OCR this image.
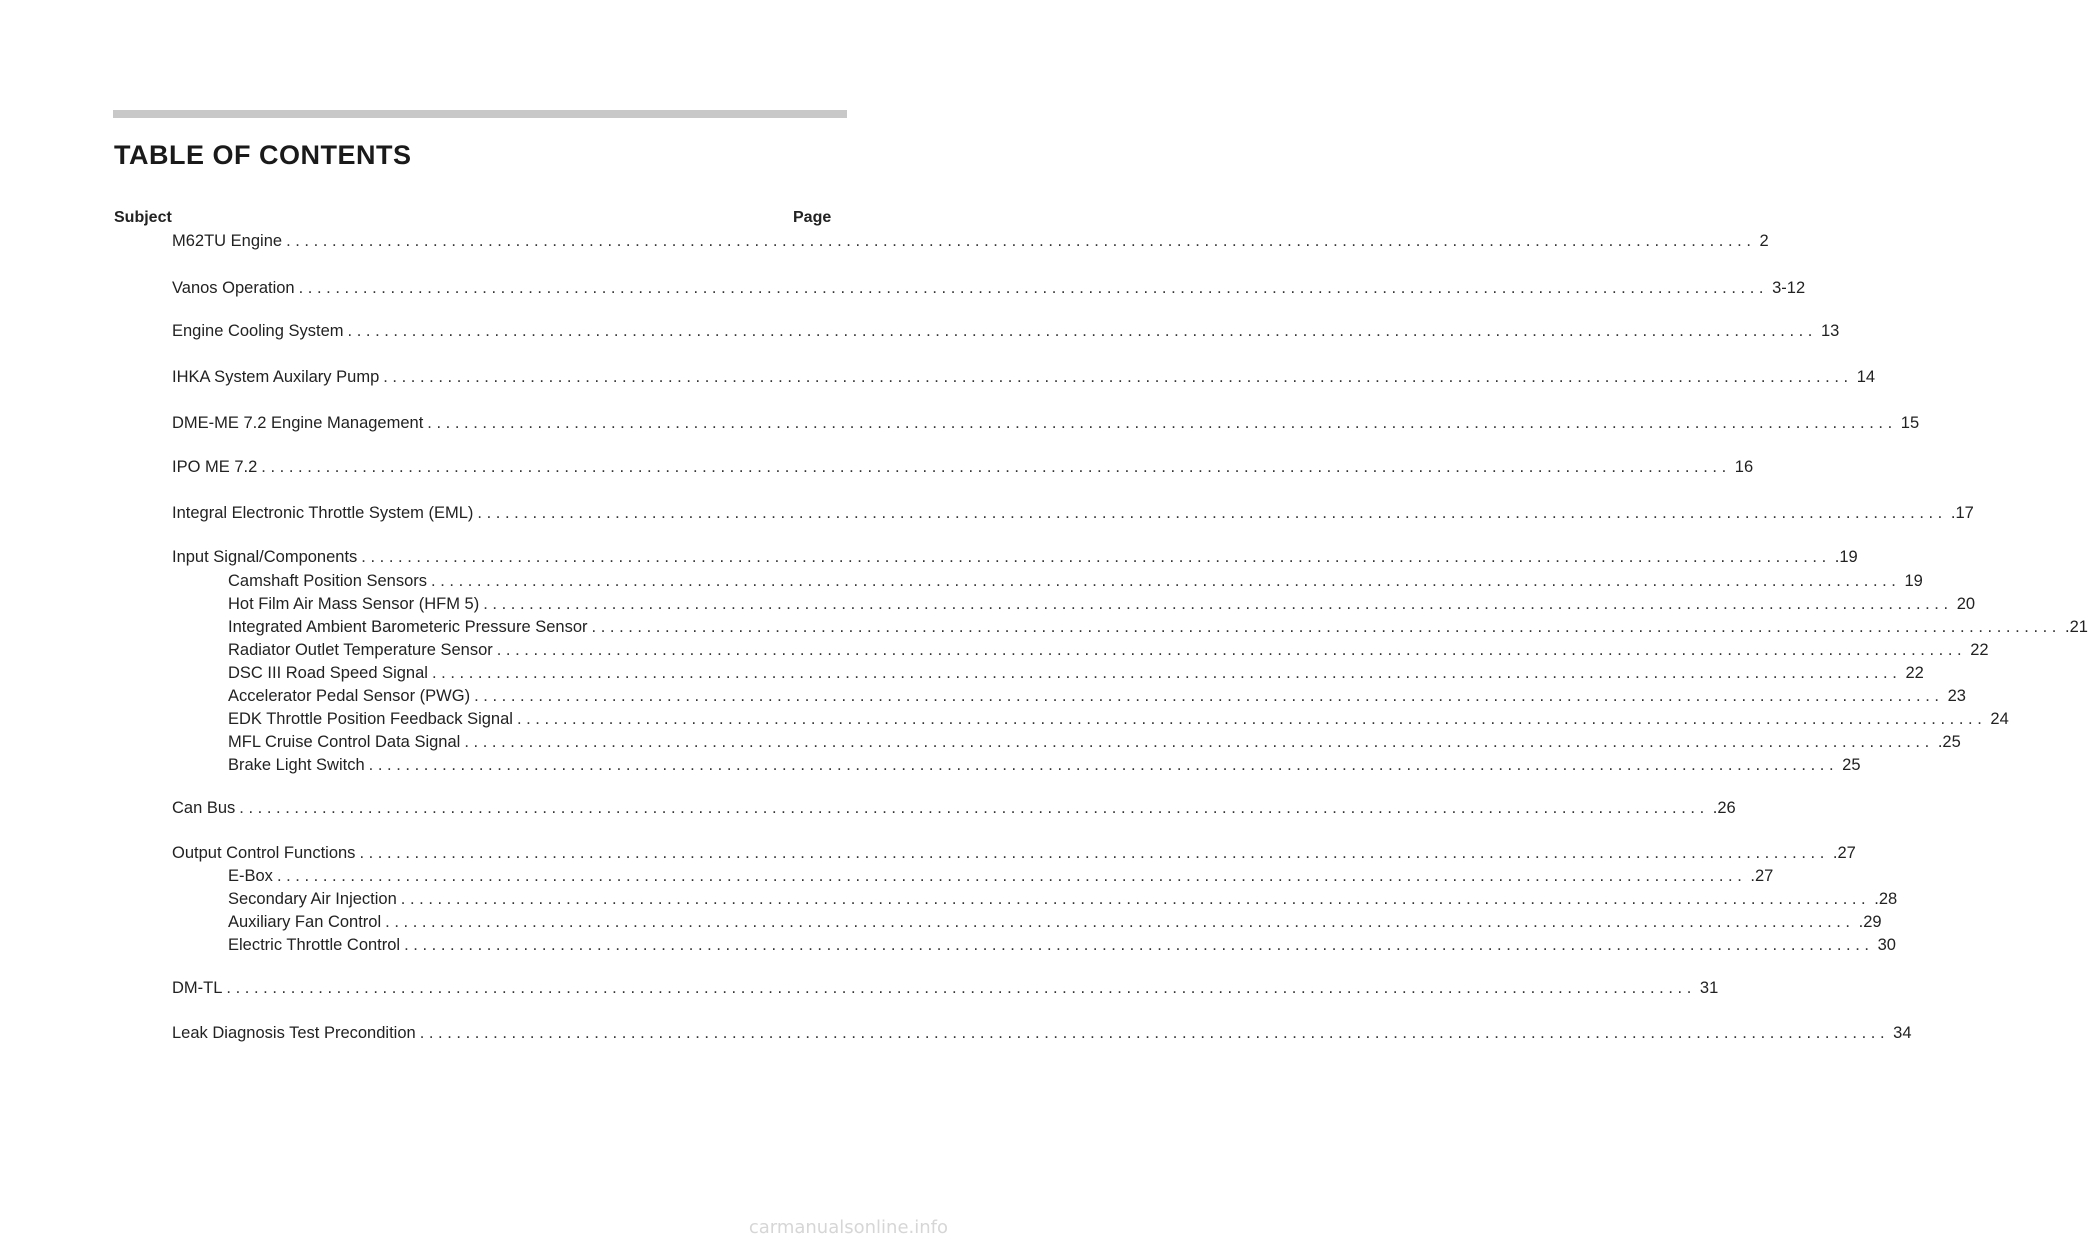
TABLE OF CONTENTS
Subject	Page
M62TU Engine ................................................................................................................................................................ 2
Vanos Operation ................................................................................................................................................................ 3-12
Engine Cooling System ................................................................................................................................................................ 13
IHKA System Auxilary Pump ................................................................................................................................................................ 14
DME-ME 7.2 Engine Management ................................................................................................................................................................ 15
IPO ME 7.2 ................................................................................................................................................................ 16
Integral Electronic Throttle System (EML) ................................................................................................................................................................ .17
Input Signal/Components ................................................................................................................................................................ .19
Camshaft Position Sensors ................................................................................................................................................................ 19
Hot Film Air Mass Sensor (HFM 5) ................................................................................................................................................................ 20
Integrated Ambient Barometeric Pressure Sensor ................................................................................................................................................................ .21
Radiator Outlet Temperature Sensor ................................................................................................................................................................ 22
DSC III Road Speed Signal ................................................................................................................................................................ 22
Accelerator Pedal Sensor (PWG) ................................................................................................................................................................ 23
EDK Throttle Position Feedback Signal ................................................................................................................................................................ 24
MFL Cruise Control Data Signal ................................................................................................................................................................ .25
Brake Light Switch ................................................................................................................................................................ 25
Can Bus ................................................................................................................................................................ .26
Output Control Functions ................................................................................................................................................................ .27
E-Box ................................................................................................................................................................ .27
Secondary Air Injection ................................................................................................................................................................ .28
Auxiliary Fan Control ................................................................................................................................................................ .29
Electric Throttle Control ................................................................................................................................................................ 30
DM-TL ................................................................................................................................................................ 31
Leak Diagnosis Test Precondition ................................................................................................................................................................ 34
carmanualsonline.info
